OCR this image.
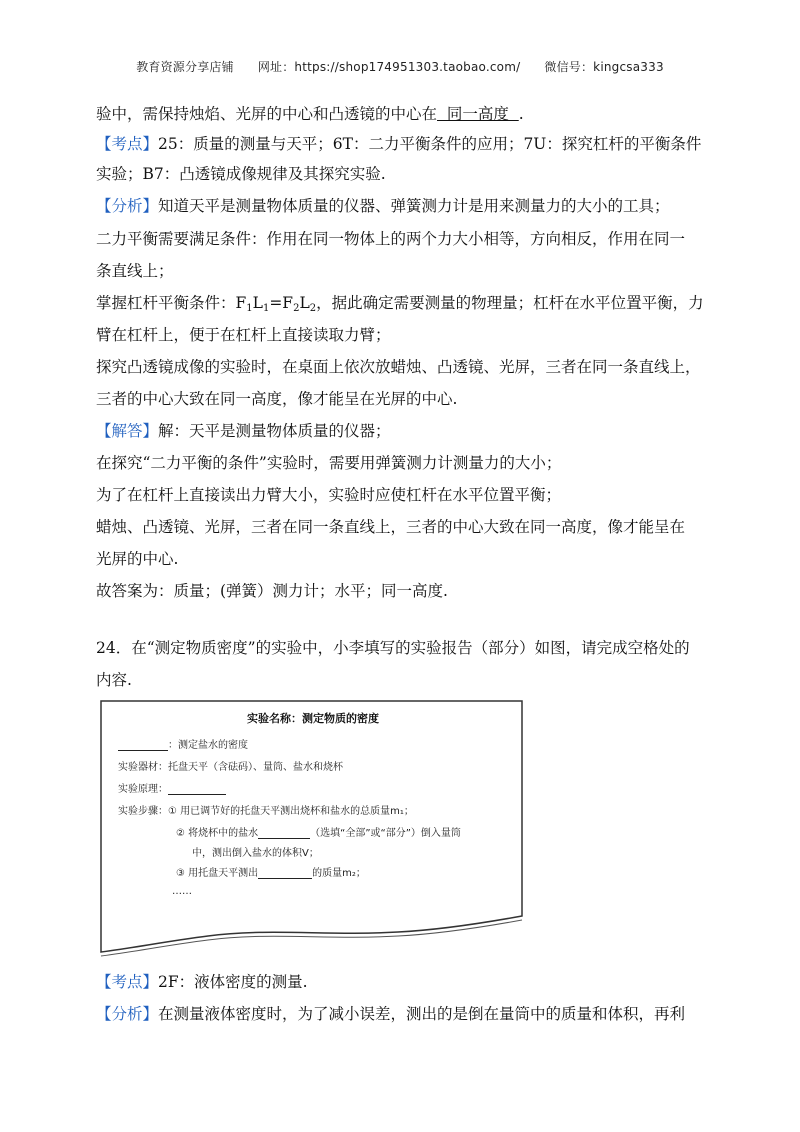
教育资源分享店铺 网址：https://shop174951303.taobao.com/ 微信号：kingcsa333
验中，需保持烛焰、光屏的中心和凸透镜的中心在  同一高度  .
【考点】25：质量的测量与天平；6T：二力平衡条件的应用；7U：探究杠杆的平衡条件
实验；B7：凸透镜成像规律及其探究实验.
【分析】知道天平是测量物体质量的仪器、弹簧测力计是用来测量力的大小的工具；
二力平衡需要满足条件：作用在同一物体上的两个力大小相等，方向相反，作用在同一
条直线上；
掌握杠杆平衡条件：$F_1L_1=F_2L_2$，据此确定需要测量的物理量；杠杆在水平位置平衡，力
臂在杠杆上，便于在杠杆上直接读取力臂；
探究凸透镜成像的实验时，在桌面上依次放蜡烛、凸透镜、光屏，三者在同一条直线上，
三者的中心大致在同一高度，像才能呈在光屏的中心.
【解答】解：天平是测量物体质量的仪器；
在探究“二力平衡的条件”实验时，需要用弹簧测力计测量力的大小；
为了在杠杆上直接读出力臂大小，实验时应使杠杆在水平位置平衡；
蜡烛、凸透镜、光屏，三者在同一条直线上，三者的中心大致在同一高度，像才能呈在
光屏的中心.
故答案为：质量；(弹簧）测力计；水平；同一高度.
24．在“测定物质密度”的实验中，小李填写的实验报告（部分）如图，请完成空格处的
内容.
实验名称：测定物质的密度
：测定盐水的密度
实验器材：托盘天平（含砝码）、量筒、盐水和烧杯
实验原理：
实验步骤：① 用已调节好的托盘天平测出烧杯和盐水的总质量m₁；
② 将烧杯中的盐水	（选填“全部”或“部分”）倒入量筒
中，测出倒入盐水的体积V；
③ 用托盘天平测出	的质量m₂；
……
【考点】2F：液体密度的测量.
【分析】在测量液体密度时，为了减小误差，测出的是倒在量筒中的质量和体积，再利
